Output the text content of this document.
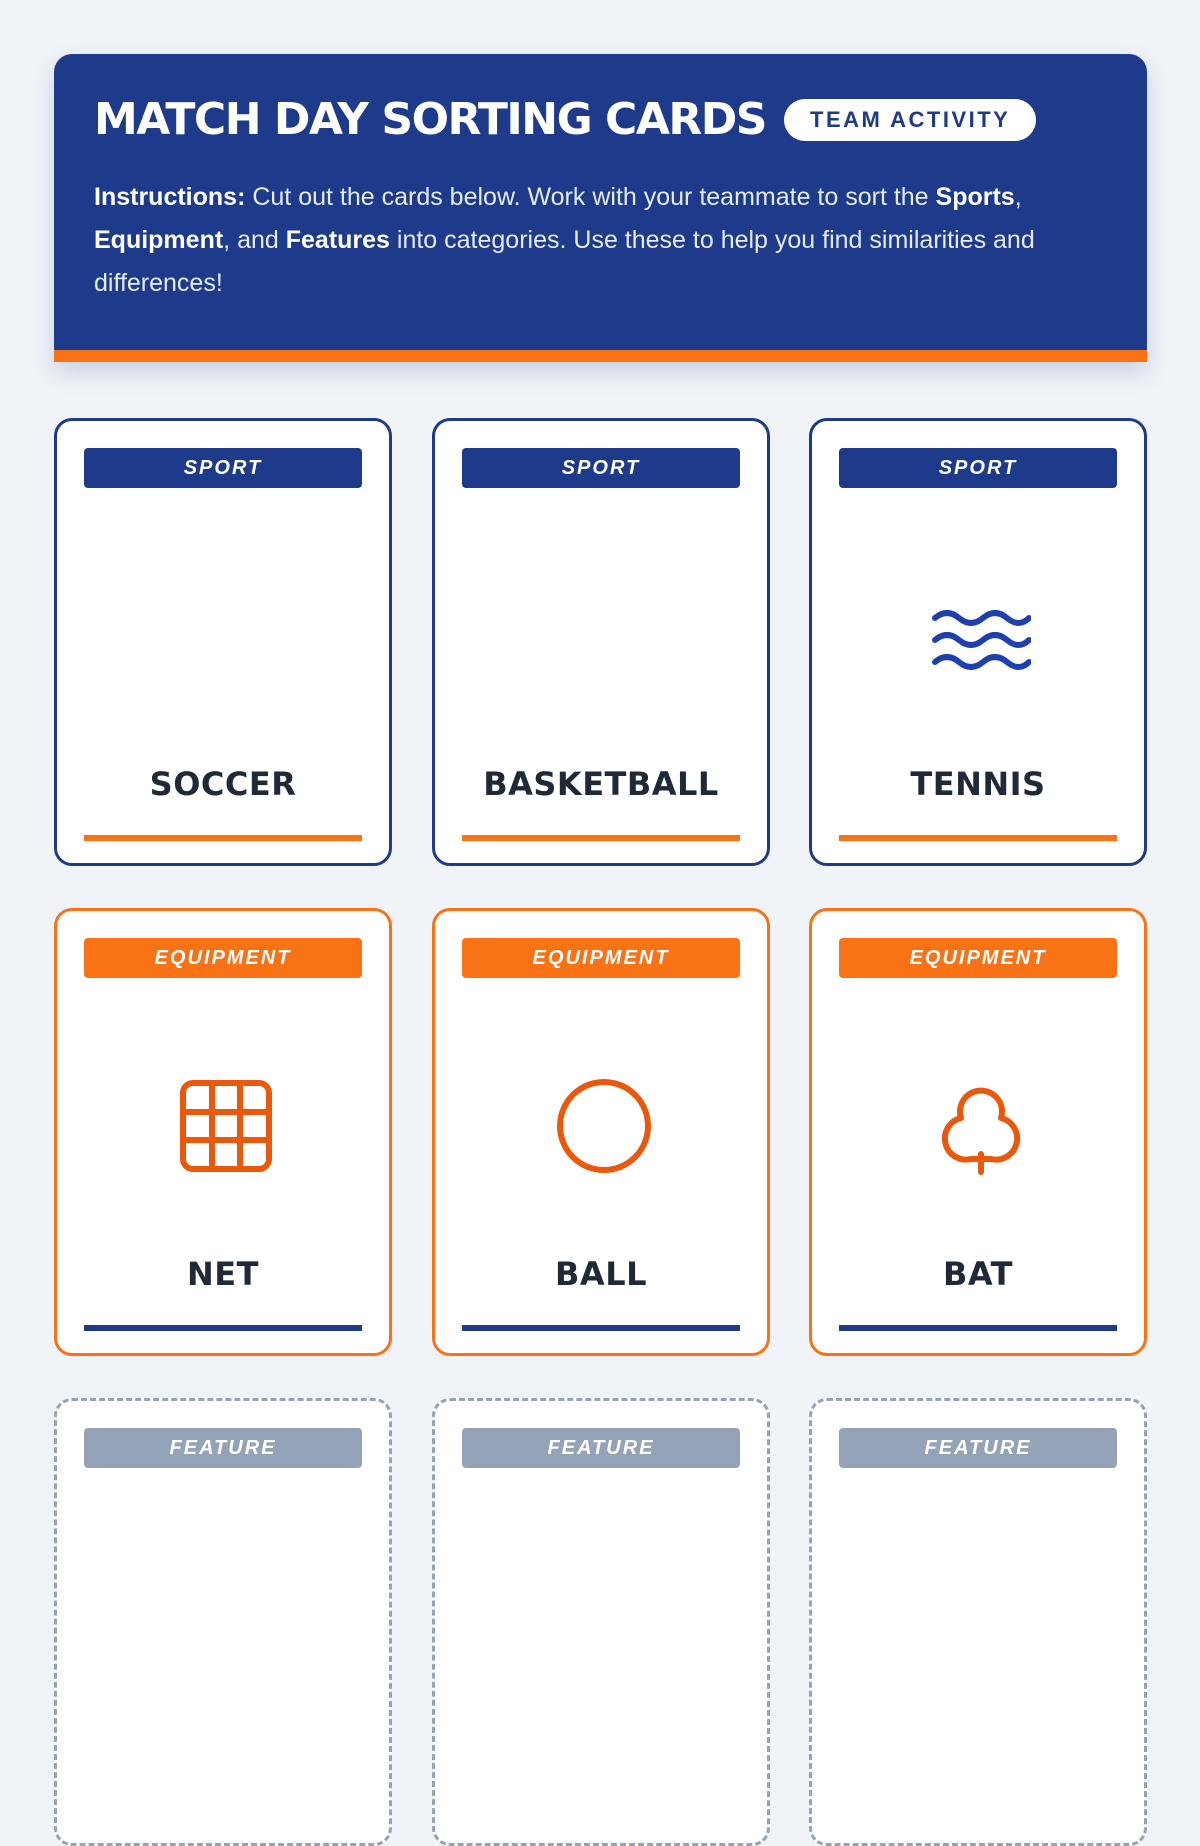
MATCH DAY SORTING CARDS	TEAM ACTIVITY
Instructions: Cut out the cards below. Work with your teammate to sort the Sports, Equipment, and Features into categories. Use these to help you find similarities and differences!
SPORT
SOCCER
SPORT
BASKETBALL
SPORT
TENNIS
EQUIPMENT
NET
EQUIPMENT
BALL
EQUIPMENT
BAT
FEATURE	FEATURE	FEATURE
